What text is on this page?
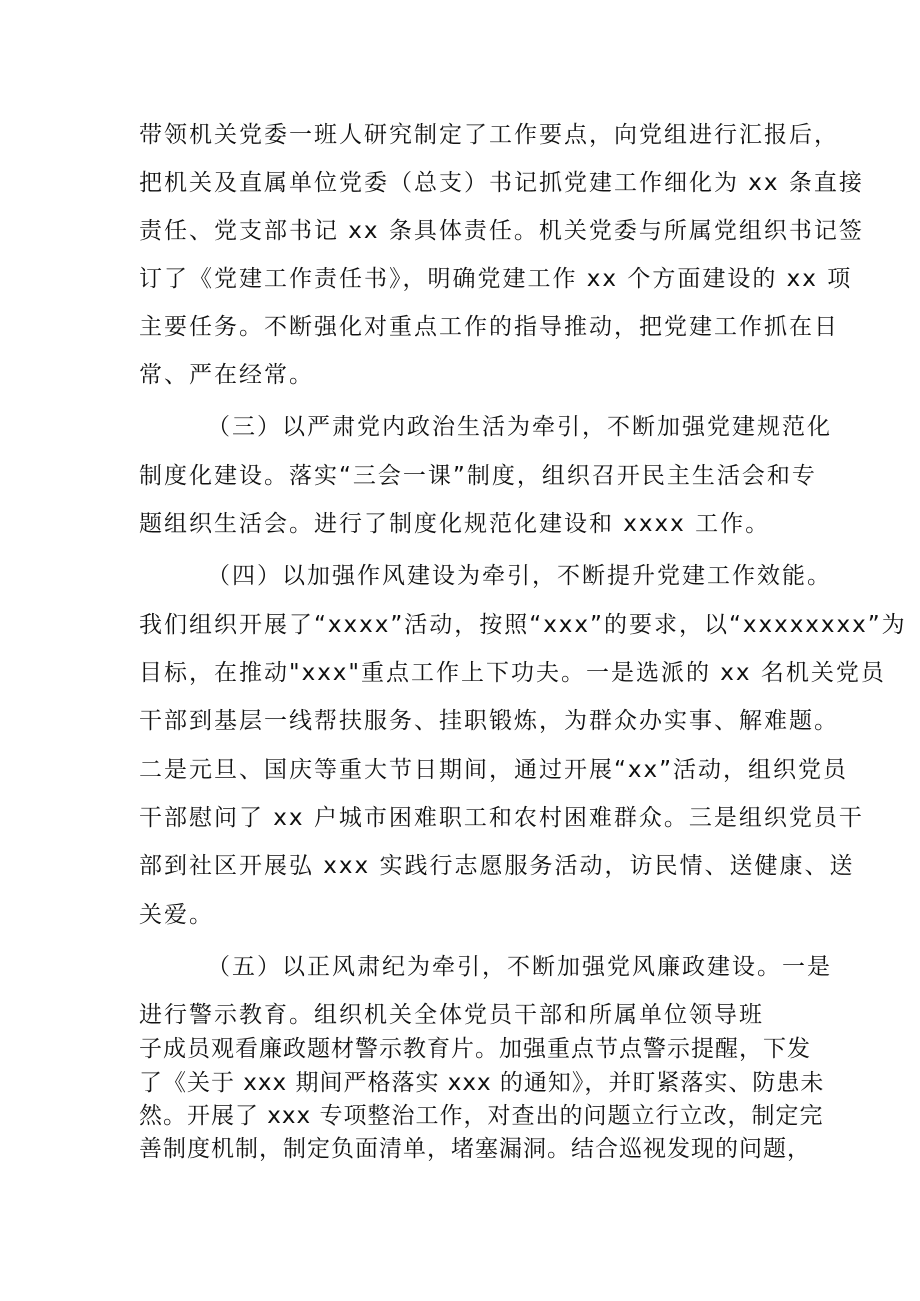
带领机关党委一班人研究制定了工作要点，向党组进行汇报后，
把机关及直属单位党委（总支）书记抓党建工作细化为 xx 条直接
责任、党支部书记 xx 条具体责任。机关党委与所属党组织书记签
订了《党建工作责任书》，明确党建工作 xx 个方面建设的 xx 项
主要任务。不断强化对重点工作的指导推动，把党建工作抓在日
常、严在经常。
（三）以严肃党内政治生活为牵引，不断加强党建规范化
制度化建设。落实“三会一课”制度，组织召开民主生活会和专
题组织生活会。进行了制度化规范化建设和 xxxx 工作。
（四）以加强作风建设为牵引，不断提升党建工作效能。
我们组织开展了“xxxx”活动，按照“xxx”的要求，以“xxxxxxxx”为
目标，在推动"xxx"重点工作上下功夫。一是选派的 xx 名机关党员
干部到基层一线帮扶服务、挂职锻炼，为群众办实事、解难题。
二是元旦、国庆等重大节日期间，通过开展“xx”活动，组织党员
干部慰问了 xx 户城市困难职工和农村困难群众。三是组织党员干
部到社区开展弘 xxx 实践行志愿服务活动，访民情、送健康、送
关爱。
（五）以正风肃纪为牵引，不断加强党风廉政建设。一是
进行警示教育。组织机关全体党员干部和所属单位领导班
子成员观看廉政题材警示教育片。加强重点节点警示提醒，下发
了《关于 xxx 期间严格落实 xxx 的通知》，并盯紧落实、防患未
然。开展了 xxx 专项整治工作，对查出的问题立行立改，制定完
善制度机制，制定负面清单，堵塞漏洞。结合巡视发现的问题，
